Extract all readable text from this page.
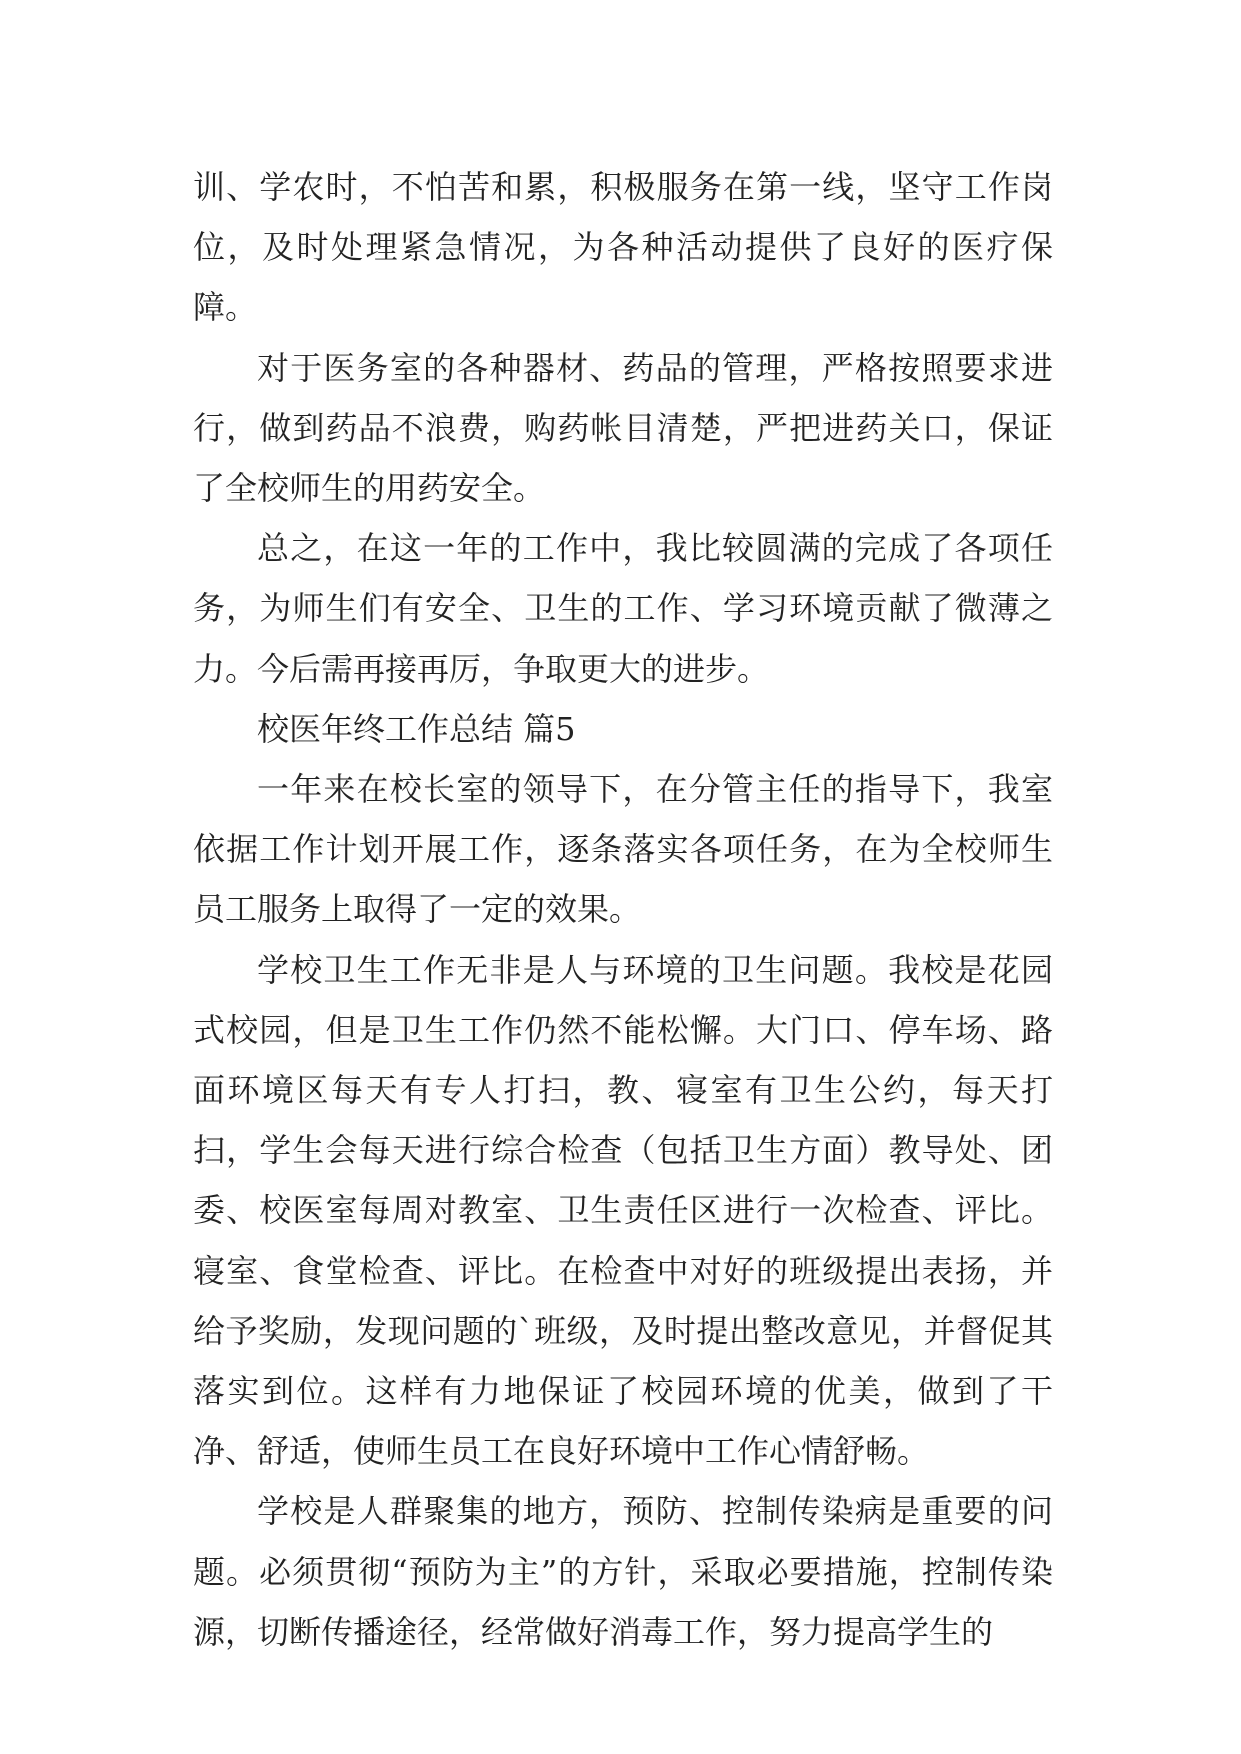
训、学农时，不怕苦和累，积极服务在第一线，坚守工作岗位，及时处理紧急情况，为各种活动提供了良好的医疗保障。

对于医务室的各种器材、药品的管理，严格按照要求进行，做到药品不浪费，购药帐目清楚，严把进药关口，保证了全校师生的用药安全。

总之，在这一年的工作中，我比较圆满的完成了各项任务，为师生们有安全、卫生的工作、学习环境贡献了微薄之力。今后需再接再厉，争取更大的进步。

校医年终工作总结 篇5

一年来在校长室的领导下，在分管主任的指导下，我室依据工作计划开展工作，逐条落实各项任务，在为全校师生员工服务上取得了一定的效果。

学校卫生工作无非是人与环境的卫生问题。我校是花园式校园，但是卫生工作仍然不能松懈。大门口、停车场、路面环境区每天有专人打扫，教、寝室有卫生公约，每天打扫，学生会每天进行综合检查（包括卫生方面）教导处、团委、校医室每周对教室、卫生责任区进行一次检查、评比。寝室、食堂检查、评比。在检查中对好的班级提出表扬，并给予奖励，发现问题的`班级，及时提出整改意见，并督促其落实到位。这样有力地保证了校园环境的优美，做到了干净、舒适，使师生员工在良好环境中工作心情舒畅。

学校是人群聚集的地方，预防、控制传染病是重要的问题。必须贯彻“预防为主”的方针，采取必要措施，控制传染源，切断传播途径，经常做好消毒工作，努力提高学生的
